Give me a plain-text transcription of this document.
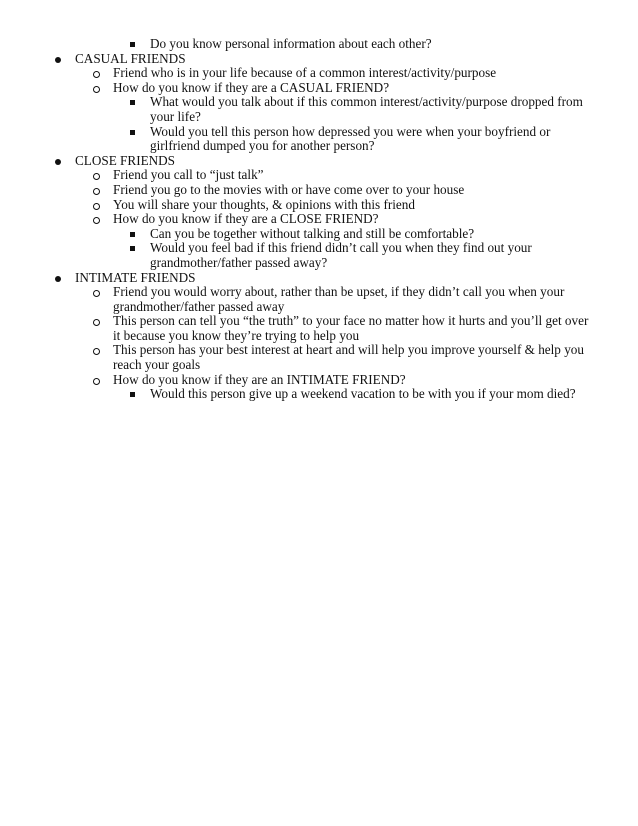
Do you know personal information about each other?
CASUAL FRIENDS
Friend who is in your life because of a common interest/activity/purpose
How do you know if they are a CASUAL FRIEND?
What would you talk about if this common interest/activity/purpose dropped from your life?
Would you tell this person how depressed you were when your boyfriend or girlfriend dumped you for another person?
CLOSE FRIENDS
Friend you call to “just talk”
Friend you go to the movies with or have come over to your house
You will share your thoughts, & opinions with this friend
How do you know if they are a CLOSE FRIEND?
Can you be together without talking and still be comfortable?
Would you feel bad if this friend didn’t call you when they find out your grandmother/father passed away?
INTIMATE FRIENDS
Friend you would worry about, rather than be upset, if they didn’t call you when your grandmother/father passed away
This person can tell you “the truth” to your face no matter how it hurts and you’ll get over it because you know they’re trying to help you
This person has your best interest at heart and will help you improve yourself & help you reach your goals
How do you know if they are an INTIMATE FRIEND?
Would this person give up a weekend vacation to be with you if your mom died?
